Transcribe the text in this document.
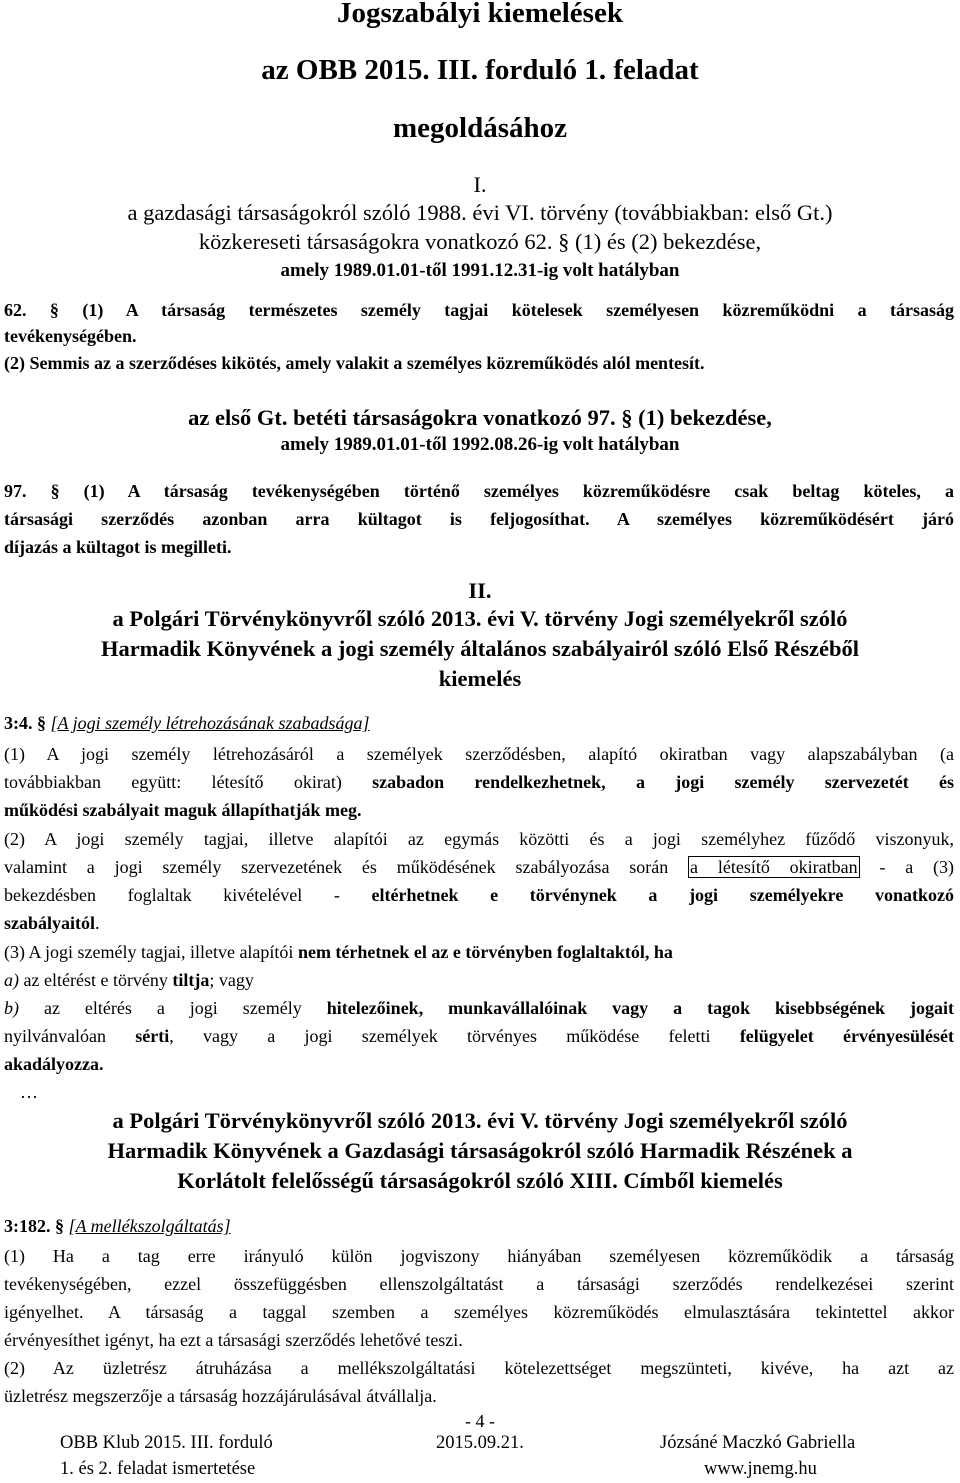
Jogszabályi kiemelések
az OBB 2015. III. forduló 1. feladat
megoldásához
I.
a gazdasági társaságokról szóló 1988. évi VI. törvény (továbbiakban: első Gt.)
közkereseti társaságokra vonatkozó 62. § (1) és (2) bekezdése,
amely 1989.01.01-től 1991.12.31-ig volt hatályban
62. § (1) A társaság természetes személy tagjai kötelesek személyesen közreműködni a társaság
tevékenységében.
(2) Semmis az a szerződéses kikötés, amely valakit a személyes közreműködés alól mentesít.
az első Gt. betéti társaságokra vonatkozó 97. § (1) bekezdése,
amely 1989.01.01-től 1992.08.26-ig volt hatályban
97. § (1) A társaság tevékenységében történő személyes közreműködésre csak beltag köteles, a
társasági szerződés azonban arra kültagot is feljogosíthat. A személyes közreműködésért járó
díjazás a kültagot is megilleti.
II.
a Polgári Törvénykönyvről szóló 2013. évi V. törvény Jogi személyekről szóló
Harmadik Könyvének a jogi személy általános szabályairól szóló Első Részéből
kiemelés
3:4. § [A jogi személy létrehozásának szabadsága]
(1) A jogi személy létrehozásáról a személyek szerződésben, alapító okiratban vagy alapszabályban (a
továbbiakban együtt: létesítő okirat) szabadon rendelkezhetnek, a jogi személy szervezetét és
működési szabályait maguk állapíthatják meg.
(2) A jogi személy tagjai, illetve alapítói az egymás közötti és a jogi személyhez fűződő viszonyuk,
valamint a jogi személy szervezetének és működésének szabályozása során a létesítő okiratban - a (3)
bekezdésben foglaltak kivételével - eltérhetnek e törvénynek a jogi személyekre vonatkozó
szabályaitól.
(3) A jogi személy tagjai, illetve alapítói nem térhetnek el az e törvényben foglaltaktól, ha
a) az eltérést e törvény tiltja; vagy
b) az eltérés a jogi személy hitelezőinek, munkavállalóinak vagy a tagok kisebbségének jogait
nyilvánvalóan sérti, vagy a jogi személyek törvényes működése feletti felügyelet érvényesülését
akadályozza.
…
a Polgári Törvénykönyvről szóló 2013. évi V. törvény Jogi személyekről szóló
Harmadik Könyvének a Gazdasági társaságokról szóló Harmadik Részének a
Korlátolt felelősségű társaságokról szóló XIII. Címből kiemelés
3:182. § [A mellékszolgáltatás]
(1) Ha a tag erre irányuló külön jogviszony hiányában személyesen közreműködik a társaság
tevékenységében, ezzel összefüggésben ellenszolgáltatást a társasági szerződés rendelkezései szerint
igényelhet. A társaság a taggal szemben a személyes közreműködés elmulasztására tekintettel akkor
érvényesíthet igényt, ha ezt a társasági szerződés lehetővé teszi.
(2) Az üzletrész átruházása a mellékszolgáltatási kötelezettséget megszünteti, kivéve, ha azt az
üzletrész megszerzője a társaság hozzájárulásával átvállalja.
- 4 -
OBB Klub 2015. III. forduló
1. és 2. feladat ismertetése
2015.09.21.	Józsáné Maczkó Gabriella
www.jnemg.hu
